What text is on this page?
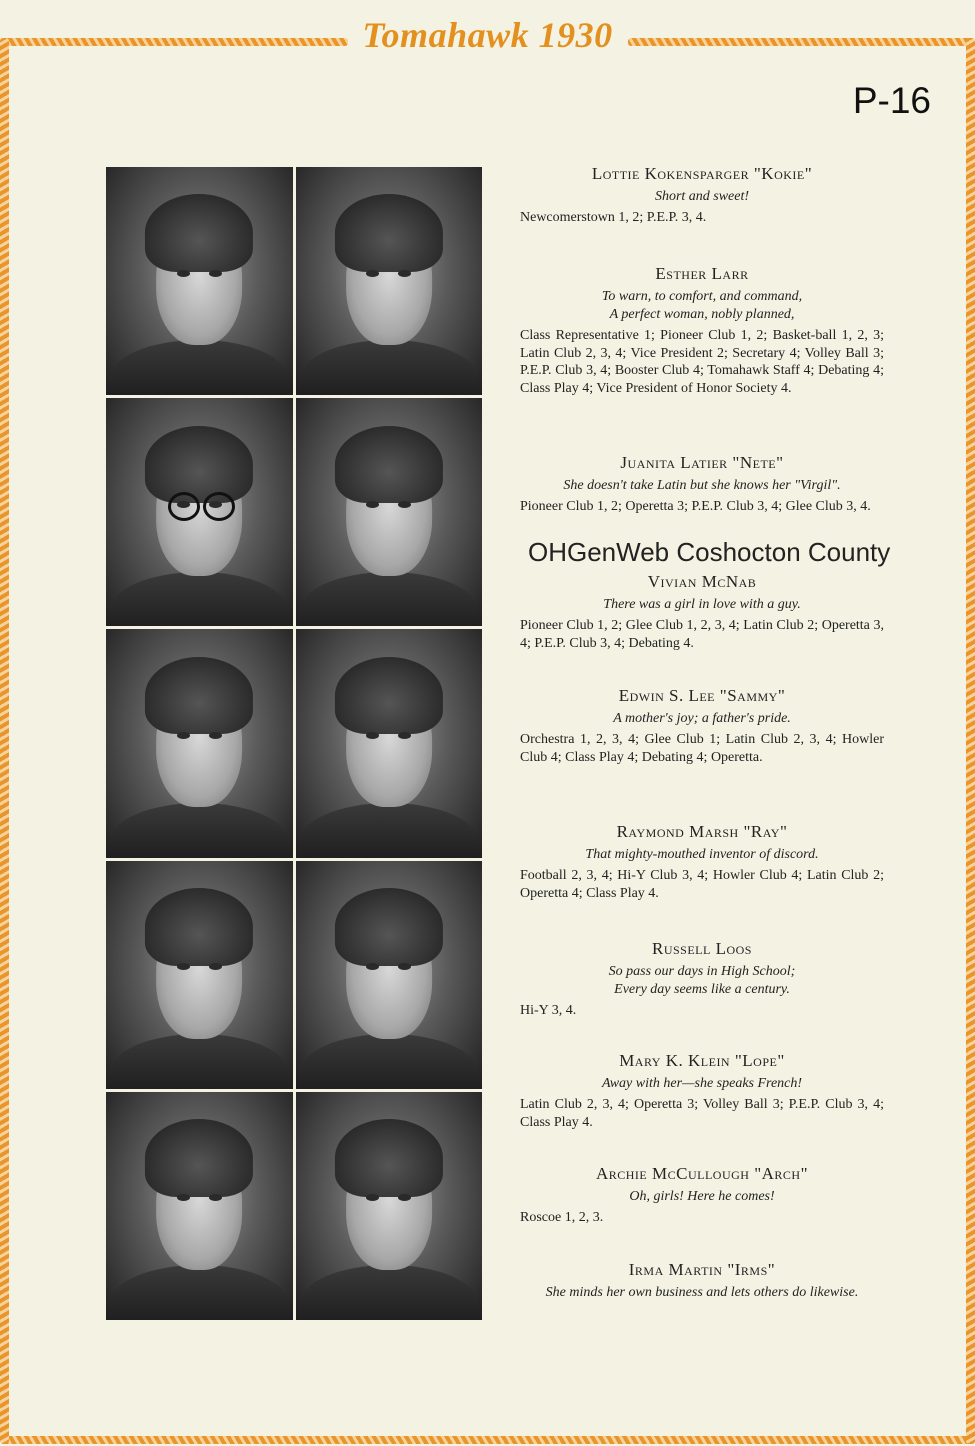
Tomahawk 1930
P-16

Lottie Kokensparger "Kokie"

Short and sweet!

Newcomerstown 1, 2; P.E.P. 3, 4.

Esther Larr

To warn, to comfort, and command,
A perfect woman, nobly planned,

Class Representative 1; Pioneer Club 1, 2; Basket-ball 1, 2, 3; Latin Club 2, 3, 4; Vice President 2; Secretary 4; Volley Ball 3; P.E.P. Club 3, 4; Booster Club 4; Tomahawk Staff 4; Debating 4; Class Play 4; Vice President of Honor Society 4.

Juanita Latier "Nete"

She doesn't take Latin but she knows her "Virgil".

Pioneer Club 1, 2; Operetta 3; P.E.P. Club 3, 4; Glee Club 3, 4.

Vivian McNab

There was a girl in love with a guy.

Pioneer Club 1, 2; Glee Club 1, 2, 3, 4; Latin Club 2; Operetta 3, 4; P.E.P. Club 3, 4; Debating 4.

Edwin S. Lee "Sammy"

A mother's joy; a father's pride.

Orchestra 1, 2, 3, 4; Glee Club 1; Latin Club 2, 3, 4; Howler Club 4; Class Play 4; Debating 4; Operetta.

Raymond Marsh "Ray"

That mighty-mouthed inventor of discord.

Football 2, 3, 4; Hi-Y Club 3, 4; Howler Club 4; Latin Club 2; Operetta 4; Class Play 4.

Russell Loos

So pass our days in High School;
Every day seems like a century.

Hi-Y 3, 4.

Mary K. Klein "Lope"

Away with her—she speaks French!

Latin Club 2, 3, 4; Operetta 3; Volley Ball 3; P.E.P. Club 3, 4; Class Play 4.

Archie McCullough "Arch"

Oh, girls! Here he comes!

Roscoe 1, 2, 3.

Irma Martin "Irms"

She minds her own business and lets others do likewise.

OHGenWeb Coshocton County
